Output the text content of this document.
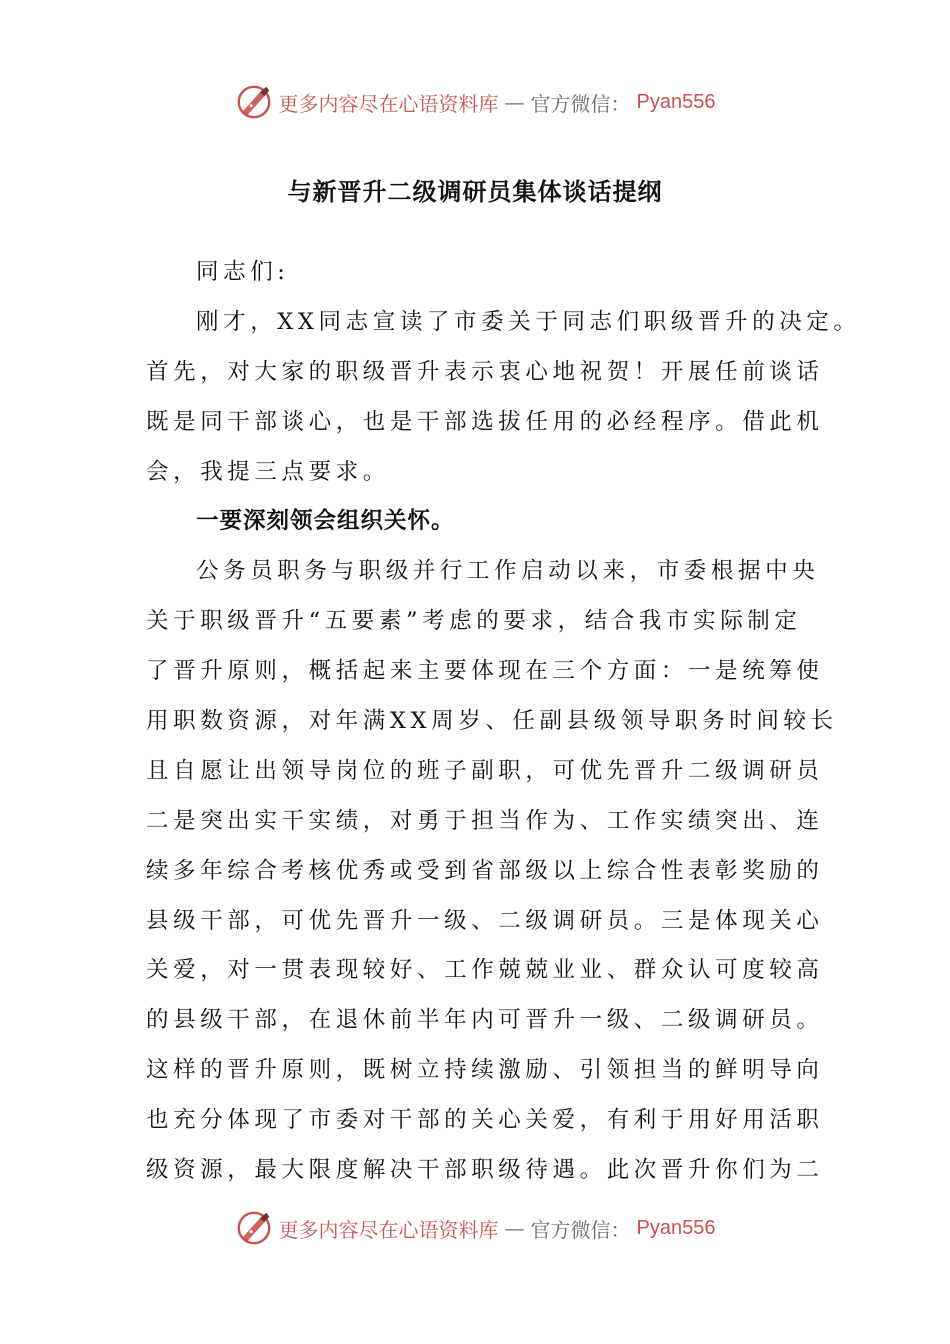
更多内容尽在心语资料库 — 官方微信： Pyan556
与新晋升二级调研员集体谈话提纲
同志们:
刚才，XX同志宣读了市委关于同志们职级晋升的决定。
首先，对大家的职级晋升表示衷心地祝贺！开展任前谈话
既是同干部谈心，也是干部选拔任用的必经程序。借此机
会，我提三点要求。
一要深刻领会组织关怀。
公务员职务与职级并行工作启动以来，市委根据中央
关于职级晋升“五要素”考虑的要求，结合我市实际制定
了晋升原则，概括起来主要体现在三个方面：一是统筹使
用职数资源，对年满XX周岁、任副县级领导职务时间较长
且自愿让出领导岗位的班子副职，可优先晋升二级调研员
二是突出实干实绩，对勇于担当作为、工作实绩突出、连
续多年综合考核优秀或受到省部级以上综合性表彰奖励的
县级干部，可优先晋升一级、二级调研员。三是体现关心
关爱，对一贯表现较好、工作兢兢业业、群众认可度较高
的县级干部，在退休前半年内可晋升一级、二级调研员。
这样的晋升原则，既树立持续激励、引领担当的鲜明导向
也充分体现了市委对干部的关心关爱，有利于用好用活职
级资源，最大限度解决干部职级待遇。此次晋升你们为二
更多内容尽在心语资料库 — 官方微信： Pyan556
